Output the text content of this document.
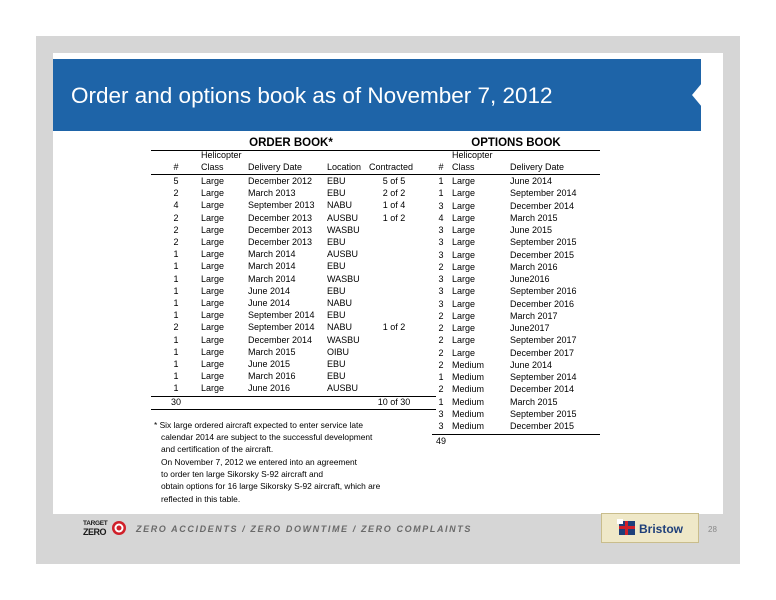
Order and options book as of November 7, 2012
ORDER BOOK*
Helicopter
#	Class	Delivery Date	Location Contracted
5	Large	December 2012 EBU	5 of 5
2	Large	March 2013	EBU	2 of 2
4	Large	September 2013 NABU	1 of 4
2	Large	December 2013 AUSBU	1 of 2
2	Large	December 2013 WASBU
2	Large	December 2013 EBU
1	Large	March 2014	AUSBU
1	Large	March 2014	EBU
1	Large	March 2014	WASBU
1	Large	June 2014	EBU
1	Large	June 2014	NABU
1	Large	September 2014 EBU
2	Large	September 2014 NABU	1 of 2
1	Large	December 2014 WASBU
1	Large	March 2015	OIBU
1	Large	June 2015	EBU
1	Large	March 2016	EBU
1	Large	June 2016	AUSBU
30	10 of 30
OPTIONS BOOK
Helicopter
# Class	Delivery Date
1 Large	June 2014
1 Large	September 2014
3 Large	December 2014
4 Large	March 2015
3 Large	June 2015
3 Large	September 2015
3 Large	December 2015
2 Large	March 2016
3 Large	June2016
3 Large	September 2016
3 Large	December 2016
2 Large	March 2017
2 Large	June2017
2 Large	September 2017
2 Large	December 2017
2 Medium	June 2014
1 Medium	September 2014
2 Medium	December 2014
1 Medium	March 2015
3 Medium	September 2015
3 Medium	December 2015
49
* Six large ordered aircraft expected to enter service late
calendar 2014 are subject to the successful development
and certification of the aircraft.
On November 7, 2012 we entered into an agreement
to order ten large Sikorsky S-92 aircraft and
obtain options for 16 large Sikorsky S-92 aircraft, which are
reflected in this table.
TARGET
ZERO	ZERO ACCIDENTS / ZERO DOWNTIME / ZERO COMPLAINTS	Bristow	28
